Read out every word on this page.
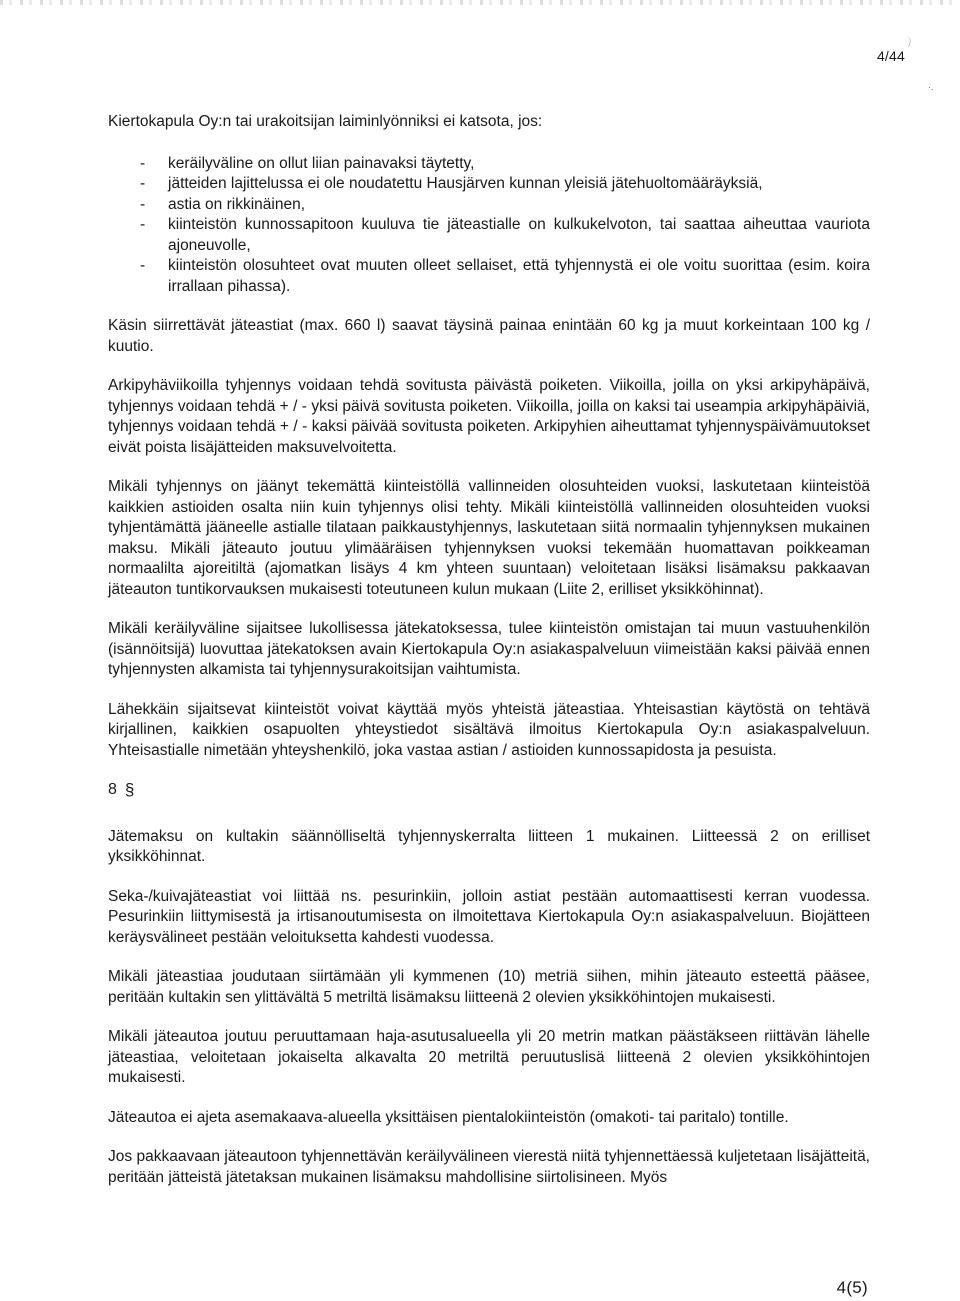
·.
4/44

Kiertokapula Oy:n tai urakoitsijan laiminlyönniksi ei katsota, jos:

- keräilyväline on ollut liian painavaksi täytetty,
- jätteiden lajittelussa ei ole noudatettu Hausjärven kunnan yleisiä jätehuoltomääräyksiä,
- astia on rikkinäinen,
- kiinteistön kunnossapitoon kuuluva tie jäteastialle on kulkukelvoton, tai saattaa aiheuttaa vauriota ajoneuvolle,
- kiinteistön olosuhteet ovat muuten olleet sellaiset, että tyhjennystä ei ole voitu suorittaa (esim. koira irrallaan pihassa).

Käsin siirrettävät jäteastiat (max. 660 l) saavat täysinä painaa enintään 60 kg ja muut korkeintaan 100 kg / kuutio.

Arkipyhäviikoilla tyhjennys voidaan tehdä sovitusta päivästä poiketen. Viikoilla, joilla on yksi arkipyhäpäivä, tyhjennys voidaan tehdä + / - yksi päivä sovitusta poiketen. Viikoilla, joilla on kaksi tai useampia arkipyhäpäiviä, tyhjennys voidaan tehdä + / - kaksi päivää sovitusta poiketen. Arkipyhien aiheuttamat tyhjennyspäivämuutokset eivät poista lisäjätteiden maksuvelvoitetta.

Mikäli tyhjennys on jäänyt tekemättä kiinteistöllä vallinneiden olosuhteiden vuoksi, laskutetaan kiinteistöä kaikkien astioiden osalta niin kuin tyhjennys olisi tehty. Mikäli kiinteistöllä vallinneiden olosuhteiden vuoksi tyhjentämättä jääneelle astialle tilataan paikkaustyhjennys, laskutetaan siitä normaalin tyhjennyksen mukainen maksu. Mikäli jäteauto joutuu ylimääräisen tyhjennyksen vuoksi tekemään huomattavan poikkeaman normaalilta ajoreitiltä (ajomatkan lisäys 4 km yhteen suuntaan) veloitetaan lisäksi lisämaksu pakkaavan jäteauton tuntikorvauksen mukaisesti toteutuneen kulun mukaan (Liite 2, erilliset yksikköhinnat).

Mikäli keräilyväline sijaitsee lukollisessa jätekatoksessa, tulee kiinteistön omistajan tai muun vastuuhenkilön (isännöitsijä) luovuttaa jätekatoksen avain Kiertokapula Oy:n asiakaspalveluun viimeistään kaksi päivää ennen tyhjennysten alkamista tai tyhjennysurakoitsijan vaihtumista.

Lähekkäin sijaitsevat kiinteistöt voivat käyttää myös yhteistä jäteastiaa. Yhteisastian käytöstä on tehtävä kirjallinen, kaikkien osapuolten yhteystiedot sisältävä ilmoitus Kiertokapula Oy:n asiakaspalveluun. Yhteisastialle nimetään yhteyshenkilö, joka vastaa astian / astioiden kunnossapidosta ja pesuista.

8 §

Jätemaksu on kultakin säännölliseltä tyhjennyskerralta liitteen 1 mukainen. Liitteessä 2 on erilliset yksikköhinnat.

Seka-/kuivajäteastiat voi liittää ns. pesurinkiin, jolloin astiat pestään automaattisesti kerran vuodessa. Pesurinkiin liittymisestä ja irtisanoutumisesta on ilmoitettava Kiertokapula Oy:n asiakaspalveluun. Biojätteen keräysvälineet pestään veloituksetta kahdesti vuodessa.

Mikäli jäteastiaa joudutaan siirtämään yli kymmenen (10) metriä siihen, mihin jäteauto esteettä pääsee, peritään kultakin sen ylittävältä 5 metriltä lisämaksu liitteenä 2 olevien yksikköhintojen mukaisesti.

Mikäli jäteautoa joutuu peruuttamaan haja-asutusalueella yli 20 metrin matkan päästäkseen riittävän lähelle jäteastiaa, veloitetaan jokaiselta alkavalta 20 metriltä peruutuslisä liitteenä 2 olevien yksikköhintojen mukaisesti.

Jäteautoa ei ajeta asemakaava-alueella yksittäisen pientalokiinteistön (omakoti- tai paritalo) tontille.

Jos pakkaavaan jäteautoon tyhjennettävän keräilyvälineen vierestä niitä tyhjennettäessä kuljetetaan lisäjätteitä, peritään jätteistä jätetaksan mukainen lisämaksu mahdollisine siirtolisineen. Myös

4(5)
